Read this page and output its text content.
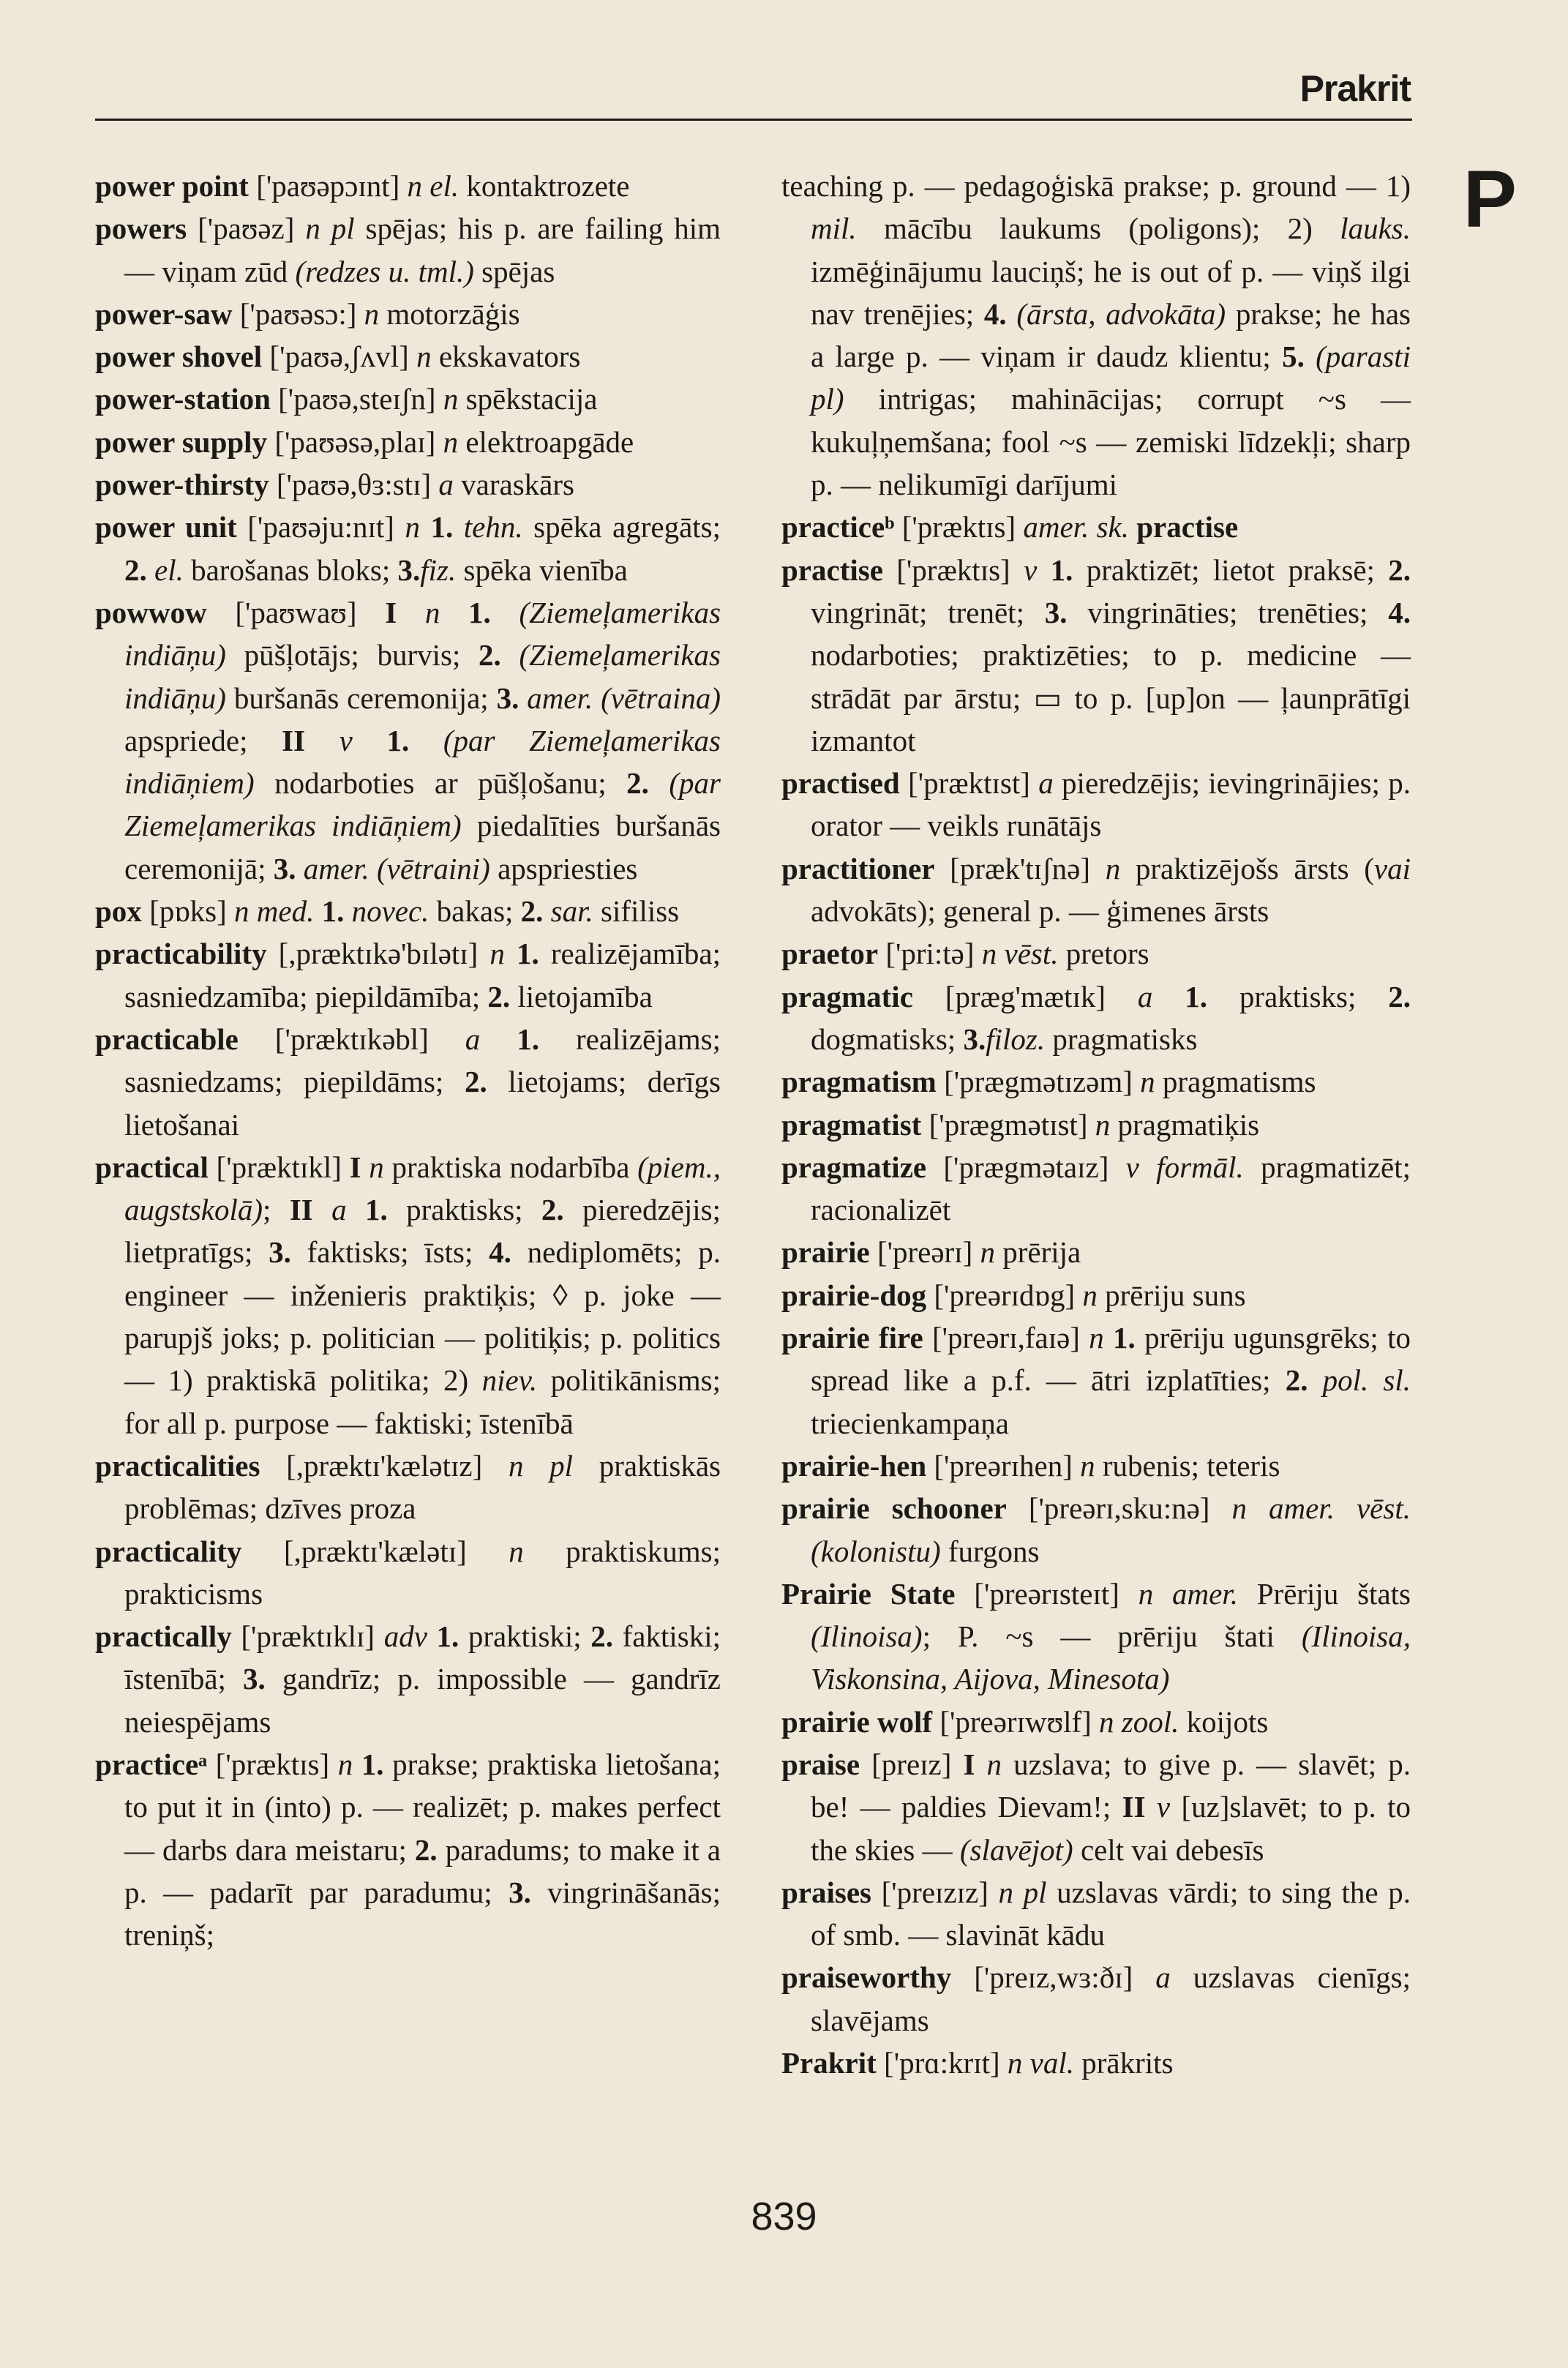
Prakrit
P

power point ['paʊəpɔɪnt] n el. kontaktrozete

powers ['paʊəz] n pl spējas; his p. are failing him — viņam zūd (redzes u. tml.) spējas

power-saw ['paʊəsɔ:] n motorzāģis

power shovel ['paʊə,ʃʌvl] n ekskavators

power-station ['paʊə,steɪʃn] n spēkstacija

power supply ['paʊəsə,plaɪ] n elektroapgāde

power-thirsty ['paʊə,θɜ:stɪ] a varaskārs

power unit ['paʊəju:nɪt] n 1. tehn. spēka agregāts; 2. el. barošanas bloks; 3.fiz. spēka vienība

powwow ['paʊwaʊ] I n 1. (Ziemeļamerikas indiāņu) pūšļotājs; burvis; 2. (Ziemeļamerikas indiāņu) buršanās ceremonija; 3. amer. (vētraina) apspriede; II v 1. (par Ziemeļamerikas indiāņiem) nodarboties ar pūšļošanu; 2. (par Ziemeļamerikas indiāņiem) piedalīties buršanās ceremonijā; 3. amer. (vētraini) apspriesties

pox [pɒks] n med. 1. novec. bakas; 2. sar. sifiliss

practicability [,præktɪkə'bɪlətɪ] n 1. realizējamība; sasniedzamība; piepildāmība; 2. lietojamība

practicable ['præktɪkəbl] a 1. realizējams; sasniedzams; piepildāms; 2. lietojams; derīgs lietošanai

practical ['præktɪkl] I n praktiska nodarbība (piem., augstskolā); II a 1. praktisks; 2. pieredzējis; lietpratīgs; 3. faktisks; īsts; 4. nediplomēts; p. engineer — inženieris praktiķis; ◊ p. joke — parupjš joks; p. politician — politiķis; p. politics — 1) praktiskā politika; 2) niev. politikānisms; for all p. purpose — faktiski; īstenībā

practicalities [,præktɪ'kælətɪz] n pl praktiskās problēmas; dzīves proza

practicality [,præktɪ'kælətɪ] n praktiskums; prakticisms

practically ['præktɪklɪ] adv 1. praktiski; 2. faktiski; īstenībā; 3. gandrīz; p. impossible — gandrīz neiespējams

practiceᵃ ['præktɪs] n 1. prakse; praktiska lietošana; to put it in (into) p. — realizēt; p. makes perfect — darbs dara meistaru; 2. paradums; to make it a p. — padarīt par paradumu; 3. vingrināšanās; treniņš;

teaching p. — pedagoģiskā prakse; p. ground — 1) mil. mācību laukums (poligons); 2) lauks. izmēģinājumu lauciņš; he is out of p. — viņš ilgi nav trenējies; 4. (ārsta, advokāta) prakse; he has a large p. — viņam ir daudz klientu; 5. (parasti pl) intrigas; mahinācijas; corrupt ~s — kukuļņemšana; fool ~s — zemiski līdzekļi; sharp p. — nelikumīgi darījumi

practiceᵇ ['præktɪs] amer. sk. practise

practise ['præktɪs] v 1. praktizēt; lietot praksē; 2. vingrināt; trenēt; 3. vingrināties; trenēties; 4. nodarboties; praktizēties; to p. medicine — strādāt par ārstu; ▭ to p. [up]on — ļaunprātīgi izmantot

practised ['præktɪst] a pieredzējis; ievingrinājies; p. orator — veikls runātājs

practitioner [præk'tɪʃnə] n praktizējošs ārsts (vai advokāts); general p. — ģimenes ārsts

praetor ['pri:tə] n vēst. pretors

pragmatic [præg'mætɪk] a 1. praktisks; 2. dogmatisks; 3.filoz. pragmatisks

pragmatism ['prægmətɪzəm] n pragmatisms

pragmatist ['prægmətɪst] n pragmatiķis

pragmatize ['prægmətaɪz] v formāl. pragmatizēt; racionalizēt

prairie ['preərɪ] n prērija

prairie-dog ['preərɪdɒg] n prēriju suns

prairie fire ['preərɪ,faɪə] n 1. prēriju ugunsgrēks; to spread like a p.f. — ātri izplatīties; 2. pol. sl. triecienkampaņa

prairie-hen ['preərɪhen] n rubenis; teteris

prairie schooner ['preərɪ,sku:nə] n amer. vēst. (kolonistu) furgons

Prairie State ['preərɪsteɪt] n amer. Prēriju štats (Ilinoisa); P. ~s — prēriju štati (Ilinoisa, Viskonsina, Aijova, Minesota)

prairie wolf ['preərɪwʊlf] n zool. koijots

praise [preɪz] I n uzslava; to give p. — slavēt; p. be! — paldies Dievam!; II v [uz]slavēt; to p. to the skies — (slavējot) celt vai debesīs

praises ['preɪzɪz] n pl uzslavas vārdi; to sing the p. of smb. — slavināt kādu

praiseworthy ['preɪz,wɜ:ðɪ] a uzslavas cienīgs; slavējams

Prakrit ['prɑ:krɪt] n val. prākrits

839
